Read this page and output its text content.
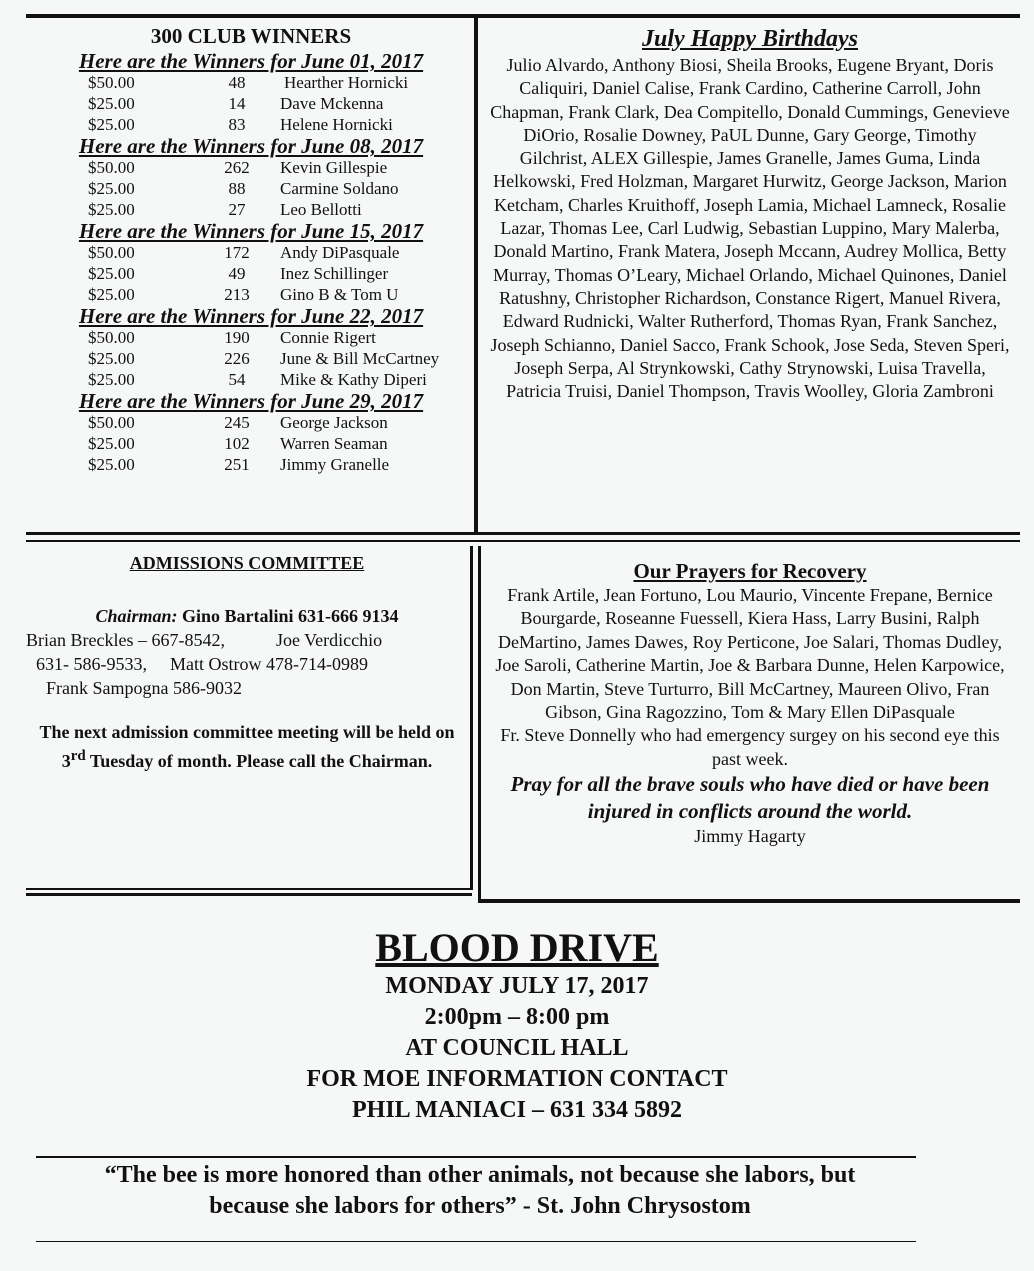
300 CLUB WINNERS
Here are the Winners for June 01, 2017
$50.00	48	Hearther Hornicki
$25.00	14	Dave Mckenna
$25.00	83	Helene Hornicki
Here are the Winners for June 08, 2017
$50.00	262	Kevin Gillespie
$25.00	88	Carmine Soldano
$25.00	27	Leo Bellotti
Here are the Winners for June 15, 2017
$50.00	172	Andy DiPasquale
$25.00	49	Inez Schillinger
$25.00	213	Gino B & Tom U
Here are the Winners for June 22, 2017
$50.00	190	Connie Rigert
$25.00	226	June & Bill McCartney
$25.00	54	Mike & Kathy Diperi
Here are the Winners for June 29, 2017
$50.00	245	George Jackson
$25.00	102	Warren Seaman
$25.00	251	Jimmy Granelle
July Happy Birthdays
Julio Alvardo, Anthony Biosi, Sheila Brooks, Eugene Bryant, Doris Caliquiri, Daniel Calise, Frank Cardino, Catherine Carroll, John Chapman, Frank Clark, Dea Compitello, Donald Cummings, Genevieve DiOrio, Rosalie Downey, PaUL Dunne, Gary George, Timothy Gilchrist, ALEX Gillespie, James Granelle, James Guma, Linda Helkowski, Fred Holzman, Margaret Hurwitz, George Jackson, Marion Ketcham, Charles Kruithoff, Joseph Lamia, Michael Lamneck, Rosalie Lazar, Thomas Lee, Carl Ludwig, Sebastian Luppino, Mary Malerba, Donald Martino, Frank Matera, Joseph Mccann, Audrey Mollica, Betty Murray, Thomas O’Leary, Michael Orlando, Michael Quinones, Daniel Ratushny, Christopher Richardson, Constance Rigert, Manuel Rivera, Edward Rudnicki, Walter Rutherford, Thomas Ryan, Frank Sanchez, Joseph Schianno, Daniel Sacco, Frank Schook, Jose Seda, Steven Speri, Joseph Serpa, Al Strynkowski, Cathy Strynowski, Luisa Travella, Patricia Truisi, Daniel Thompson, Travis Woolley, Gloria Zambroni
ADMISSIONS COMMITTEE
Chairman: Gino Bartalini 631-666 9134
Brian Breckles – 667-8542,	Joe Verdicchio
631- 586-9533, Matt Ostrow 478-714-0989
Frank Sampogna 586-9032
The next admission committee meeting will be held on 3rd Tuesday of month. Please call the Chairman.
Our Prayers for Recovery
Frank Artile, Jean Fortuno, Lou Maurio, Vincente Frepane, Bernice Bourgarde, Roseanne Fuessell, Kiera Hass, Larry Busini, Ralph DeMartino, James Dawes, Roy Perticone, Joe Salari, Thomas Dudley, Joe Saroli, Catherine Martin, Joe & Barbara Dunne, Helen Karpowice, Don Martin, Steve Turturro, Bill McCartney, Maureen Olivo, Fran Gibson, Gina Ragozzino, Tom & Mary Ellen DiPasquale
Fr. Steve Donnelly who had emergency surgey on his second eye this past week.
Pray for all the brave souls who have died or have been injured in conflicts around the world.
Jimmy Hagarty
BLOOD DRIVE
MONDAY JULY 17, 2017
2:00pm – 8:00 pm
AT COUNCIL HALL
FOR MOE INFORMATION CONTACT
PHIL MANIACI – 631 334 5892
“The bee is more honored than other animals, not because she labors, but
because she labors for others” - St. John Chrysostom
